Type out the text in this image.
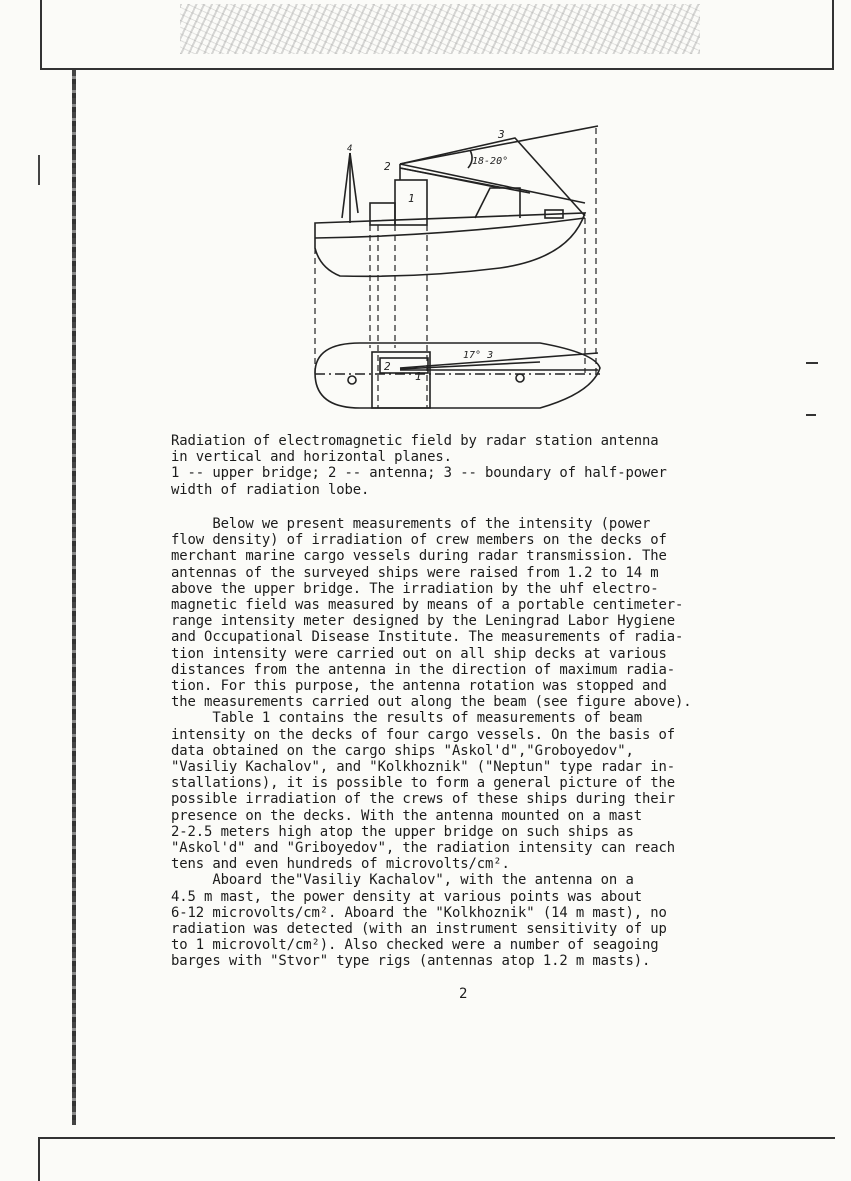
3
2	18-20°
1
4
2
1
17° 3
Radiation of electromagnetic field by radar station antenna
in vertical and horizontal planes.
1 -- upper bridge; 2 -- antenna; 3 -- boundary of half-power
width of radiation lobe.
Below we present measurements of the intensity (power
flow density) of irradiation of crew members on the decks of
merchant marine cargo vessels during radar transmission. The
antennas of the surveyed ships were raised from 1.2 to 14 m
above the upper bridge. The irradiation by the uhf electro-
magnetic field was measured by means of a portable centimeter-
range intensity meter designed by the Leningrad Labor Hygiene
and Occupational Disease Institute. The measurements of radia-
tion intensity were carried out on all ship decks at various
distances from the antenna in the direction of maximum radia-
tion. For this purpose, the antenna rotation was stopped and
the measurements carried out along the beam (see figure above).
Table 1 contains the results of measurements of beam
intensity on the decks of four cargo vessels. On the basis of
data obtained on the cargo ships "Askol'd","Groboyedov",
"Vasiliy Kachalov", and "Kolkhoznik" ("Neptun" type radar in-
stallations), it is possible to form a general picture of the
possible irradiation of the crews of these ships during their
presence on the decks. With the antenna mounted on a mast
2-2.5 meters high atop the upper bridge on such ships as
"Askol'd" and "Griboyedov", the radiation intensity can reach
tens and even hundreds of microvolts/cm².
Aboard the"Vasiliy Kachalov", with the antenna on a
4.5 m mast, the power density at various points was about
6-12 microvolts/cm². Aboard the "Kolkhoznik" (14 m mast), no
radiation was detected (with an instrument sensitivity of up
to 1 microvolt/cm²). Also checked were a number of seagoing
barges with "Stvor" type rigs (antennas atop 1.2 m masts).
2
